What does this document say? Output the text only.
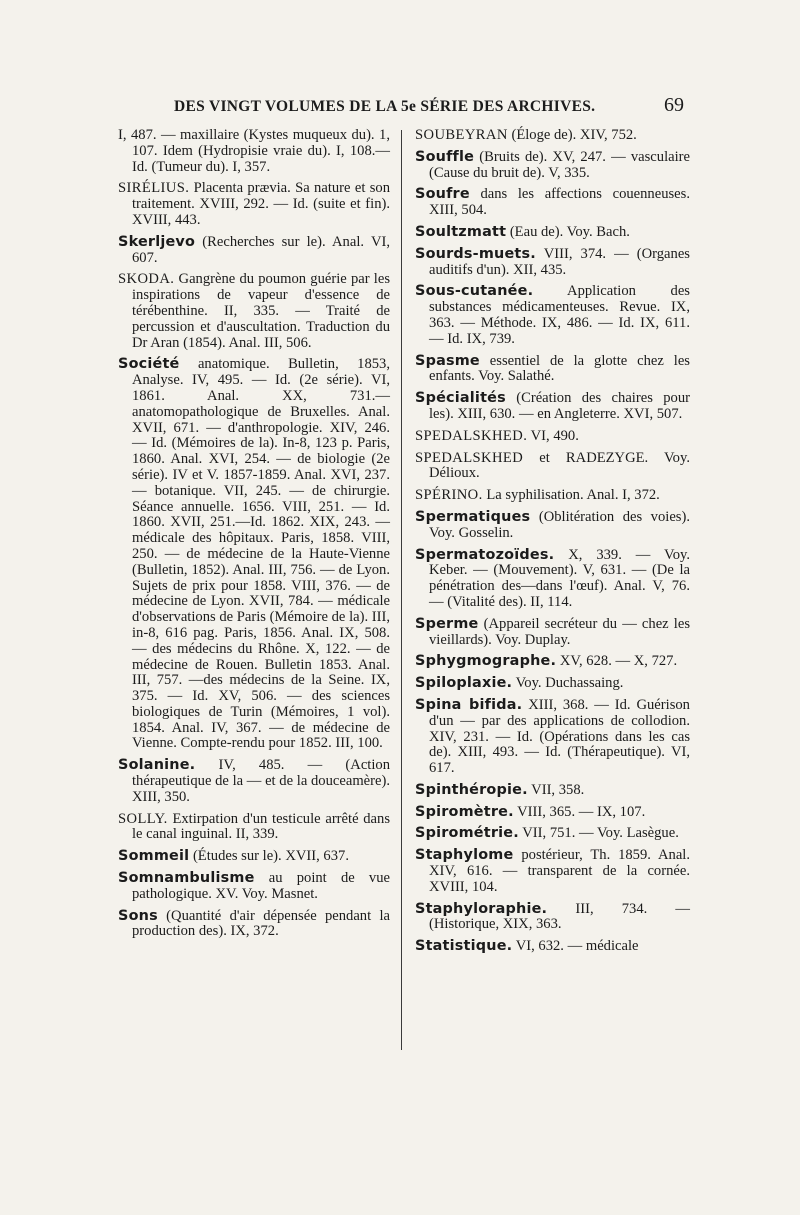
DES VINGT VOLUMES DE LA 5e SÉRIE DES ARCHIVES.	69
I, 487. — maxillaire (Kystes muqueux du). 1, 107. Idem (Hydropisie vraie du). I, 108.—Id. (Tumeur du). I, 357.
SIRÉLIUS. Placenta prævia. Sa nature et son traitement. XVIII, 292. — Id. (suite et fin). XVIII, 443.
Skerljevo (Recherches sur le). Anal. VI, 607.
SKODA. Gangrène du poumon guérie par les inspirations de vapeur d'essence de térébenthine. II, 335. — Traité de percussion et d'auscultation. Traduction du Dr Aran (1854). Anal. III, 506.
Société anatomique. Bulletin, 1853, Analyse. IV, 495. — Id. (2e série). VI, 1861. Anal. XX, 731.—anatomopathologique de Bruxelles. Anal. XVII, 671. — d'anthropologie. XIV, 246. — Id. (Mémoires de la). In-8, 123 p. Paris, 1860. Anal. XVI, 254. — de biologie (2e série). IV et V. 1857-1859. Anal. XVI, 237. — botanique. VII, 245. — de chirurgie. Séance annuelle. 1656. VIII, 251. — Id. 1860. XVII, 251.—Id. 1862. XIX, 243. — médicale des hôpitaux. Paris, 1858. VIII, 250. — de médecine de la Haute-Vienne (Bulletin, 1852). Anal. III, 756. — de Lyon. Sujets de prix pour 1858. VIII, 376. — de médecine de Lyon. XVII, 784. — médicale d'observations de Paris (Mémoire de la). III, in-8, 616 pag. Paris, 1856. Anal. IX, 508. — des médecins du Rhône. X, 122. — de médecine de Rouen. Bulletin 1853. Anal. III, 757. —des médecins de la Seine. IX, 375. — Id. XV, 506. — des sciences biologiques de Turin (Mémoires, 1 vol). 1854. Anal. IV, 367. — de médecine de Vienne. Compte-rendu pour 1852. III, 100.
Solanine. IV, 485. — (Action thérapeutique de la — et de la douceamère). XIII, 350.
SOLLY. Extirpation d'un testicule arrêté dans le canal inguinal. II, 339.
Sommeil (Études sur le). XVII, 637.
Somnambulisme au point de vue pathologique. XV. Voy. Masnet.
Sons (Quantité d'air dépensée pendant la production des). IX, 372.
SOUBEYRAN (Éloge de). XIV, 752.
Souffle (Bruits de). XV, 247. — vasculaire (Cause du bruit de). V, 335.
Soufre dans les affections couenneuses. XIII, 504.
Soultzmatt (Eau de). Voy. Bach.
Sourds-muets. VIII, 374. — (Organes auditifs d'un). XII, 435.
Sous-cutanée. Application des substances médicamenteuses. Revue. IX, 363. — Méthode. IX, 486. — Id. IX, 611. — Id. IX, 739.
Spasme essentiel de la glotte chez les enfants. Voy. Salathé.
Spécialités (Création des chaires pour les). XIII, 630. — en Angleterre. XVI, 507.
SPEDALSKHED. VI, 490.
SPEDALSKHED et RADEZYGE. Voy. Délioux.
SPÉRINO. La syphilisation. Anal. I, 372.
Spermatiques (Oblitération des voies). Voy. Gosselin.
Spermatozoïdes. X, 339. — Voy. Keber. — (Mouvement). V, 631. — (De la pénétration des—dans l'œuf). Anal. V, 76. — (Vitalité des). II, 114.
Sperme (Appareil secréteur du — chez les vieillards). Voy. Duplay.
Sphygmographe. XV, 628. — X, 727.
Spiloplaxie. Voy. Duchassaing.
Spina bifida. XIII, 368. — Id. Guérison d'un — par des applications de collodion. XIV, 231. — Id. (Opérations dans les cas de). XIII, 493. — Id. (Thérapeutique). VI, 617.
Spinthéropie. VII, 358.
Spiromètre. VIII, 365. — IX, 107.
Spirométrie. VII, 751. — Voy. Lasègue.
Staphylome postérieur, Th. 1859. Anal. XIV, 616. — transparent de la cornée. XVIII, 104.
Staphyloraphie. III, 734. — (Historique, XIX, 363.
Statistique. VI, 632. — médicale
